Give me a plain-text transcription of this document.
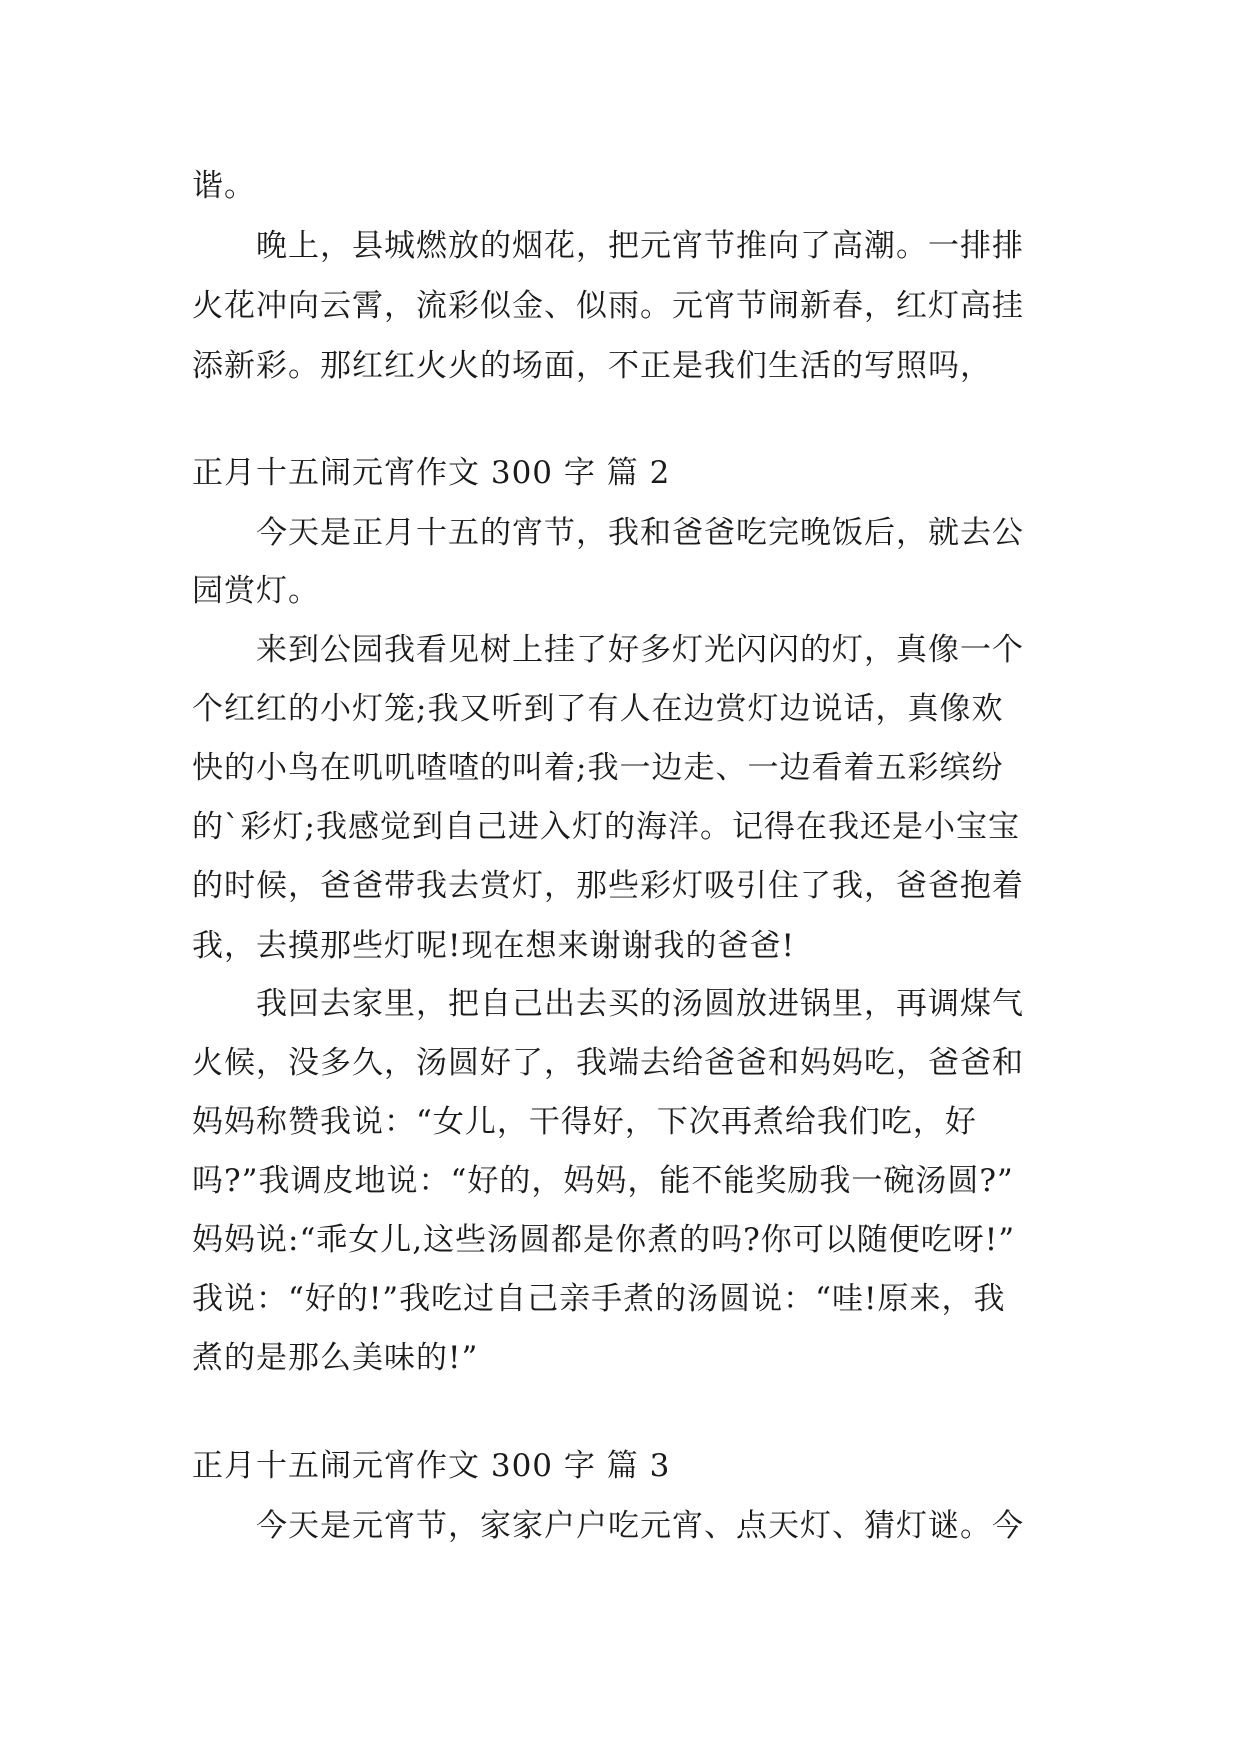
谐。
晚上，县城燃放的烟花，把元宵节推向了高潮。一排排
火花冲向云霄，流彩似金、似雨。元宵节闹新春，红灯高挂
添新彩。那红红火火的场面，不正是我们生活的写照吗，
正月十五闹元宵作文 300 字 篇 2
今天是正月十五的宵节，我和爸爸吃完晚饭后，就去公
园赏灯。
来到公园我看见树上挂了好多灯光闪闪的灯，真像一个
个红红的小灯笼;我又听到了有人在边赏灯边说话，真像欢
快的小鸟在叽叽喳喳的叫着;我一边走、一边看着五彩缤纷
的`彩灯;我感觉到自己进入灯的海洋。记得在我还是小宝宝
的时候，爸爸带我去赏灯，那些彩灯吸引住了我，爸爸抱着
我，去摸那些灯呢!现在想来谢谢我的爸爸!
我回去家里，把自己出去买的汤圆放进锅里，再调煤气
火候，没多久，汤圆好了，我端去给爸爸和妈妈吃，爸爸和
妈妈称赞我说：“女儿，干得好，下次再煮给我们吃，好
吗?”我调皮地说：“好的，妈妈，能不能奖励我一碗汤圆?”
妈妈说:“乖女儿,这些汤圆都是你煮的吗?你可以随便吃呀!”
我说：“好的!”我吃过自己亲手煮的汤圆说：“哇!原来，我
煮的是那么美味的!”
正月十五闹元宵作文 300 字 篇 3
今天是元宵节，家家户户吃元宵、点天灯、猜灯谜。今
